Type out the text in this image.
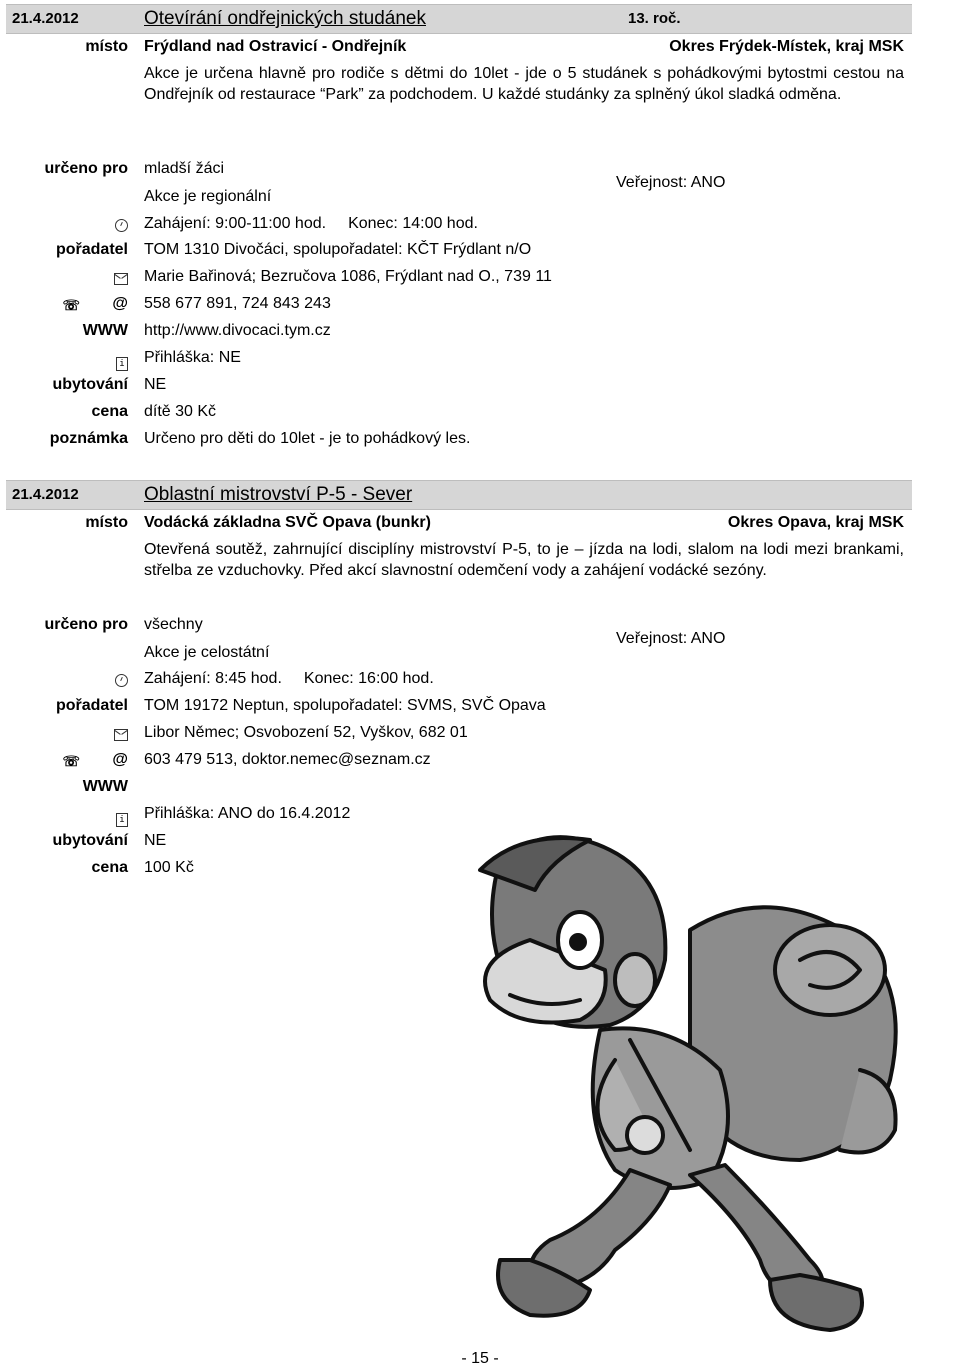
21.4.2012	Otevírání ondřejnických studánek	13. roč.
místo Frýdland nad Ostravicí - Ondřejník	Okres Frýdek-Místek, kraj MSK
Akce je určena hlavně pro rodiče s dětmi do 10let - jde o 5 studánek s pohádkovými bytostmi cestou na Ondřejník od restaurace “Park” za podchodem. U každé studánky za splněný úkol sladká odměna.
určeno pro mladší žáci
Veřejnost: ANO
Akce je regionální
Zahájení: 9:00-11:00 hod. Konec: 14:00 hod.
pořadatel TOM 1310 Divočáci, spolupořadatel: KČT Frýdlant n/O
Marie Bařinová; Bezručova 1086, Frýdlant nad O., 739 11
☏ @ 558 677 891, 724 843 243
WWW http://www.divocaci.tym.cz
i Přihláška: NE
ubytování NE
cena dítě 30 Kč
poznámka Určeno pro děti do 10let - je to pohádkový les.
21.4.2012	Oblastní mistrovství P-5 - Sever
místo Vodácká základna SVČ Opava (bunkr)	Okres Opava, kraj MSK
Otevřená soutěž, zahrnující disciplíny mistrovství P-5, to je – jízda na lodi, slalom na lodi mezi brankami, střelba ze vzduchovky. Před akcí slavnostní odemčení vody a zahájení vodácké sezóny.
určeno pro všechny
Veřejnost: ANO
Akce je celostátní
Zahájení: 8:45 hod. Konec: 16:00 hod.
pořadatel TOM 19172 Neptun, spolupořadatel: SVMS, SVČ Opava
Libor Němec; Osvobození 52, Vyškov, 682 01
☏ @ 603 479 513, doktor.nemec@seznam.cz
WWW
i Přihláška: ANO do 16.4.2012
ubytování NE
cena 100 Kč
- 15 -
